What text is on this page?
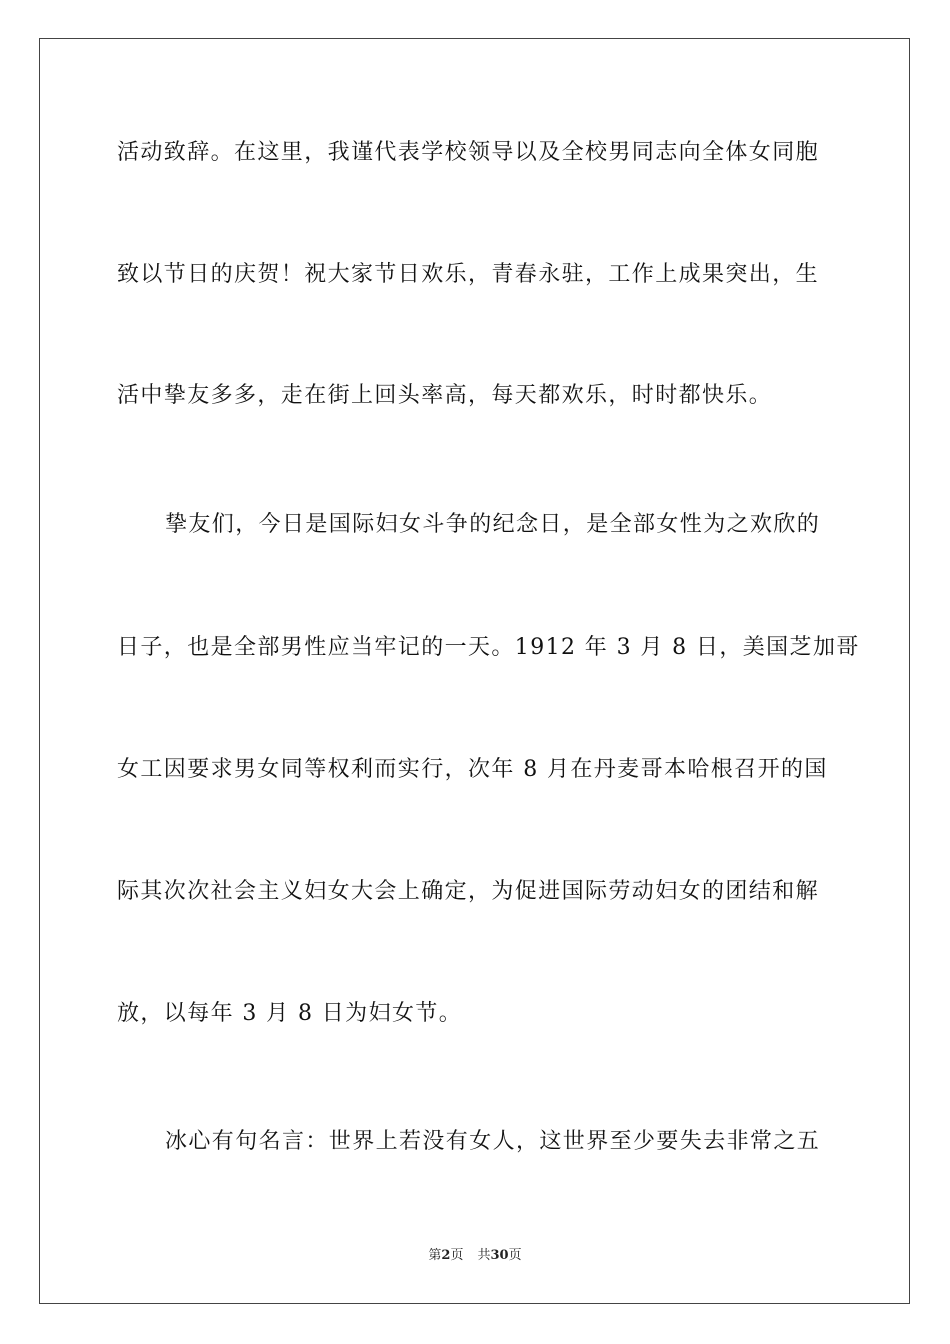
活动致辞。在这里，我谨代表学校领导以及全校男同志向全体女同胞
致以节日的庆贺！祝大家节日欢乐，青春永驻，工作上成果突出，生
活中挚友多多，走在街上回头率高，每天都欢乐，时时都快乐。
挚友们，今日是国际妇女斗争的纪念日，是全部女性为之欢欣的
日子，也是全部男性应当牢记的一天。1912 年 3 月 8 日，美国芝加哥
女工因要求男女同等权利而实行，次年 8 月在丹麦哥本哈根召开的国
际其次次社会主义妇女大会上确定，为促进国际劳动妇女的团结和解
放，以每年 3 月 8 日为妇女节。
冰心有句名言：世界上若没有女人，这世界至少要失去非常之五
第2页 共30页
